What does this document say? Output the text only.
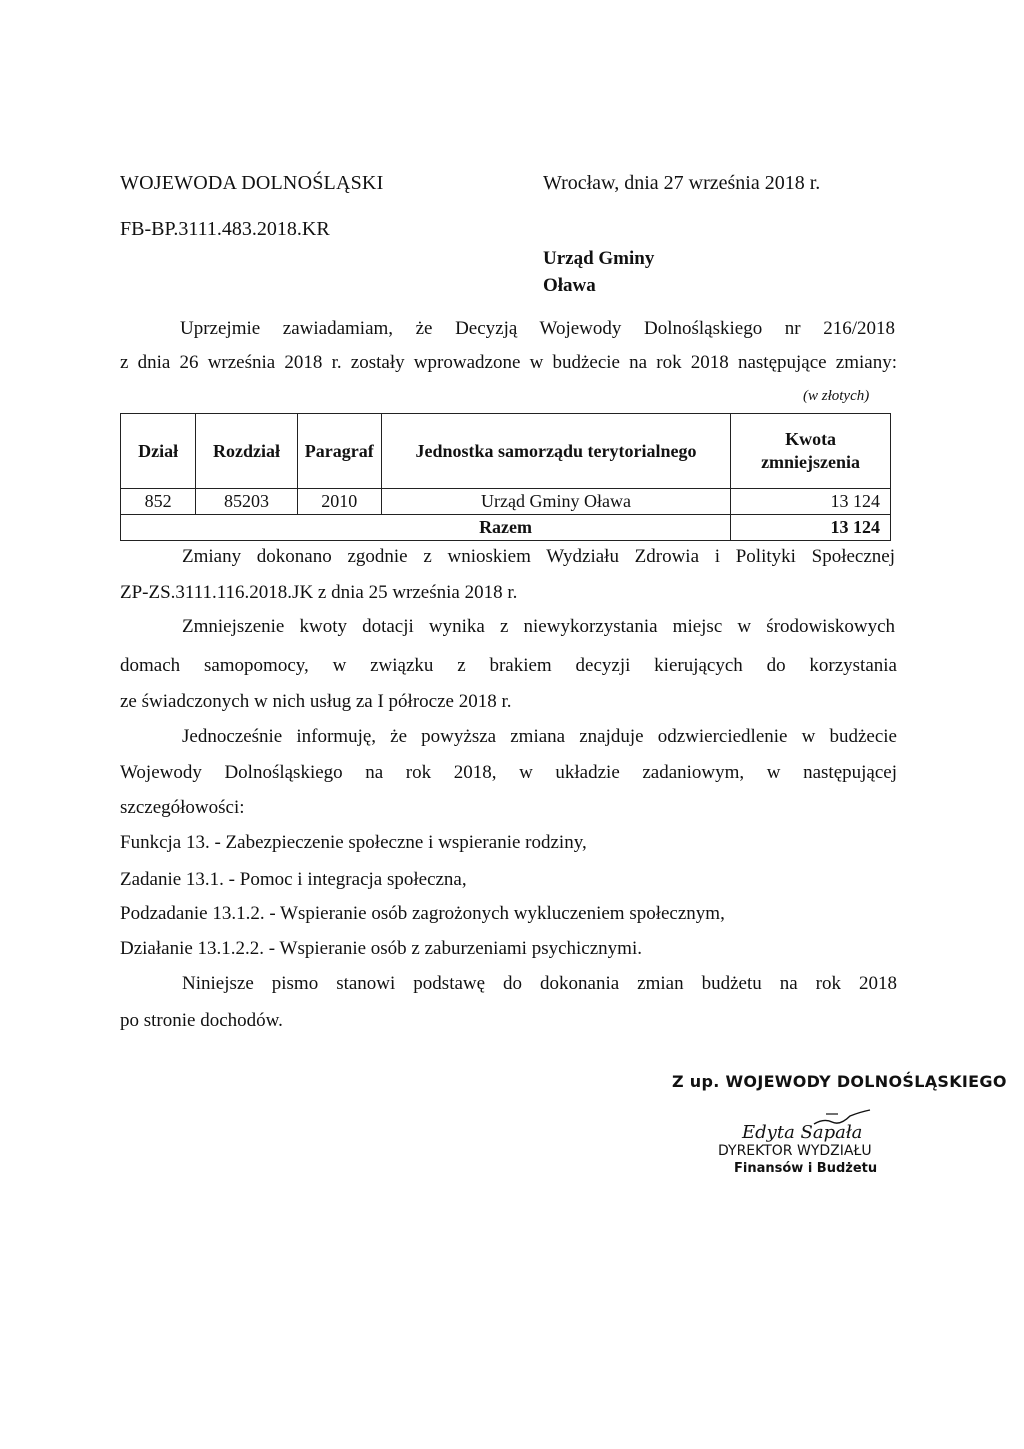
WOJEWODA DOLNOŚLĄSKI	Wrocław, dnia 27 września 2018 r.
FB-BP.3111.483.2018.KR
Urząd Gminy
Oława
Uprzejmie zawiadamiam, że Decyzją Wojewody Dolnośląskiego nr 216/2018
z dnia 26 września 2018 r. zostały wprowadzone w budżecie na rok 2018 następujące zmiany:
(w złotych)
Dział	Rozdział	Paragraf	Jednostka samorządu terytorialnego	Kwota zmniejszenia
852	85203	2010	Urząd Gminy Oława	13 124
Razem				13 124
Zmiany dokonano zgodnie z wnioskiem Wydziału Zdrowia i Polityki Społecznej
ZP-ZS.3111.116.2018.JK z dnia 25 września 2018 r.
Zmniejszenie kwoty dotacji wynika z niewykorzystania miejsc w środowiskowych
domach samopomocy, w związku z brakiem decyzji kierujących do korzystania
ze świadczonych w nich usług za I półrocze 2018 r.
Jednocześnie informuję, że powyższa zmiana znajduje odzwierciedlenie w budżecie
Wojewody Dolnośląskiego na rok 2018, w układzie zadaniowym, w następującej
szczegółowości:
Funkcja 13. - Zabezpieczenie społeczne i wspieranie rodziny,
Zadanie 13.1. - Pomoc i integracja społeczna,
Podzadanie 13.1.2. - Wspieranie osób zagrożonych wykluczeniem społecznym,
Działanie 13.1.2.2. - Wspieranie osób z zaburzeniami psychicznymi.
Niniejsze pismo stanowi podstawę do dokonania zmian budżetu na rok 2018
po stronie dochodów.
Z up. WOJEWODY DOLNOŚLĄSKIEGO
Edyta Sapała
DYREKTOR WYDZIAŁU
Finansów i Budżetu
